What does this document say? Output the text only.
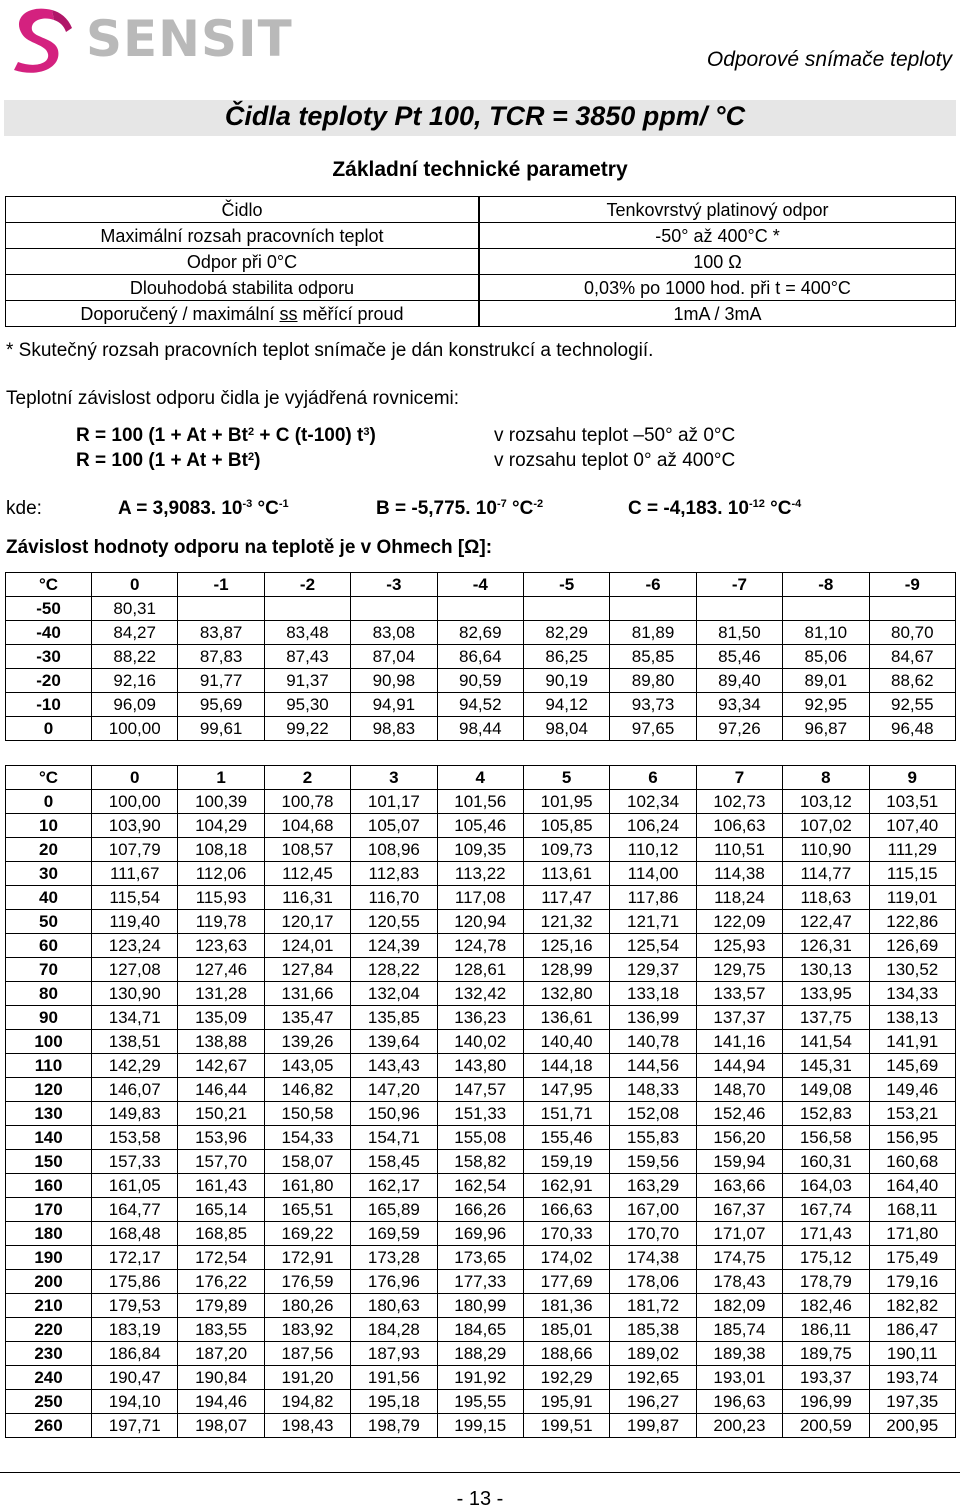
SENSIT	Odporové snímače teploty
Čidla teploty Pt 100, TCR = 3850 ppm/ °C
Základní technické parametry
Čidlo		Tenkovrstvý platinový odpor
Maximální rozsah pracovních teplot		-50° až 400°C *
Odpor při 0°C		100 Ω
Dlouhodobá stabilita odporu		0,03% po 1000 hod. při t = 400°C
Doporučený / maximální ss měřící proud		1mA / 3mA
* Skutečný rozsah pracovních teplot snímače je dán konstrukcí a technologií.
Teplotní závislost odporu čidla je vyjádřená rovnicemi:
R = 100 ($1 + At + Bt^2 + C$ (t-100) $t^3$)	v rozsahu teplot –50° až 0°C
R = 100 $(1 + At + Bt^2)$	v rozsahu teplot 0° až 400°C
kde:	A = 3,9083. $10^{-3}$ $^\circ C^{-1}$	B = -5,775. $10^{-7}$ $^\circ C^{-2}$	C = -4,183. $10^{-12}$ $^\circ C^{-4}$
Závislost hodnoty odporu na teplotě je v Ohmech [Ω]:
°C	0	-1	-2	-3	-4	-5	-6	-7	-8	-9
-50	80,31									
-40	84,27	83,87	83,48	83,08	82,69	82,29	81,89	81,50	81,10	80,70
-30	88,22	87,83	87,43	87,04	86,64	86,25	85,85	85,46	85,06	84,67
-20	92,16	91,77	91,37	90,98	90,59	90,19	89,80	89,40	89,01	88,62
-10	96,09	95,69	95,30	94,91	94,52	94,12	93,73	93,34	92,95	92,55
0	100,00	99,61	99,22	98,83	98,44	98,04	97,65	97,26	96,87	96,48
°C	0	1	2	3	4	5	6	7	8	9
0	100,00	100,39	100,78	101,17	101,56	101,95	102,34	102,73	103,12	103,51
10	103,90	104,29	104,68	105,07	105,46	105,85	106,24	106,63	107,02	107,40
20	107,79	108,18	108,57	108,96	109,35	109,73	110,12	110,51	110,90	111,29
30	111,67	112,06	112,45	112,83	113,22	113,61	114,00	114,38	114,77	115,15
40	115,54	115,93	116,31	116,70	117,08	117,47	117,86	118,24	118,63	119,01
50	119,40	119,78	120,17	120,55	120,94	121,32	121,71	122,09	122,47	122,86
60	123,24	123,63	124,01	124,39	124,78	125,16	125,54	125,93	126,31	126,69
70	127,08	127,46	127,84	128,22	128,61	128,99	129,37	129,75	130,13	130,52
80	130,90	131,28	131,66	132,04	132,42	132,80	133,18	133,57	133,95	134,33
90	134,71	135,09	135,47	135,85	136,23	136,61	136,99	137,37	137,75	138,13
100	138,51	138,88	139,26	139,64	140,02	140,40	140,78	141,16	141,54	141,91
110	142,29	142,67	143,05	143,43	143,80	144,18	144,56	144,94	145,31	145,69
120	146,07	146,44	146,82	147,20	147,57	147,95	148,33	148,70	149,08	149,46
130	149,83	150,21	150,58	150,96	151,33	151,71	152,08	152,46	152,83	153,21
140	153,58	153,96	154,33	154,71	155,08	155,46	155,83	156,20	156,58	156,95
150	157,33	157,70	158,07	158,45	158,82	159,19	159,56	159,94	160,31	160,68
160	161,05	161,43	161,80	162,17	162,54	162,91	163,29	163,66	164,03	164,40
170	164,77	165,14	165,51	165,89	166,26	166,63	167,00	167,37	167,74	168,11
180	168,48	168,85	169,22	169,59	169,96	170,33	170,70	171,07	171,43	171,80
190	172,17	172,54	172,91	173,28	173,65	174,02	174,38	174,75	175,12	175,49
200	175,86	176,22	176,59	176,96	177,33	177,69	178,06	178,43	178,79	179,16
210	179,53	179,89	180,26	180,63	180,99	181,36	181,72	182,09	182,46	182,82
220	183,19	183,55	183,92	184,28	184,65	185,01	185,38	185,74	186,11	186,47
230	186,84	187,20	187,56	187,93	188,29	188,66	189,02	189,38	189,75	190,11
240	190,47	190,84	191,20	191,56	191,92	192,29	192,65	193,01	193,37	193,74
250	194,10	194,46	194,82	195,18	195,55	195,91	196,27	196,63	196,99	197,35
260	197,71	198,07	198,43	198,79	199,15	199,51	199,87	200,23	200,59	200,95
- 13 -
